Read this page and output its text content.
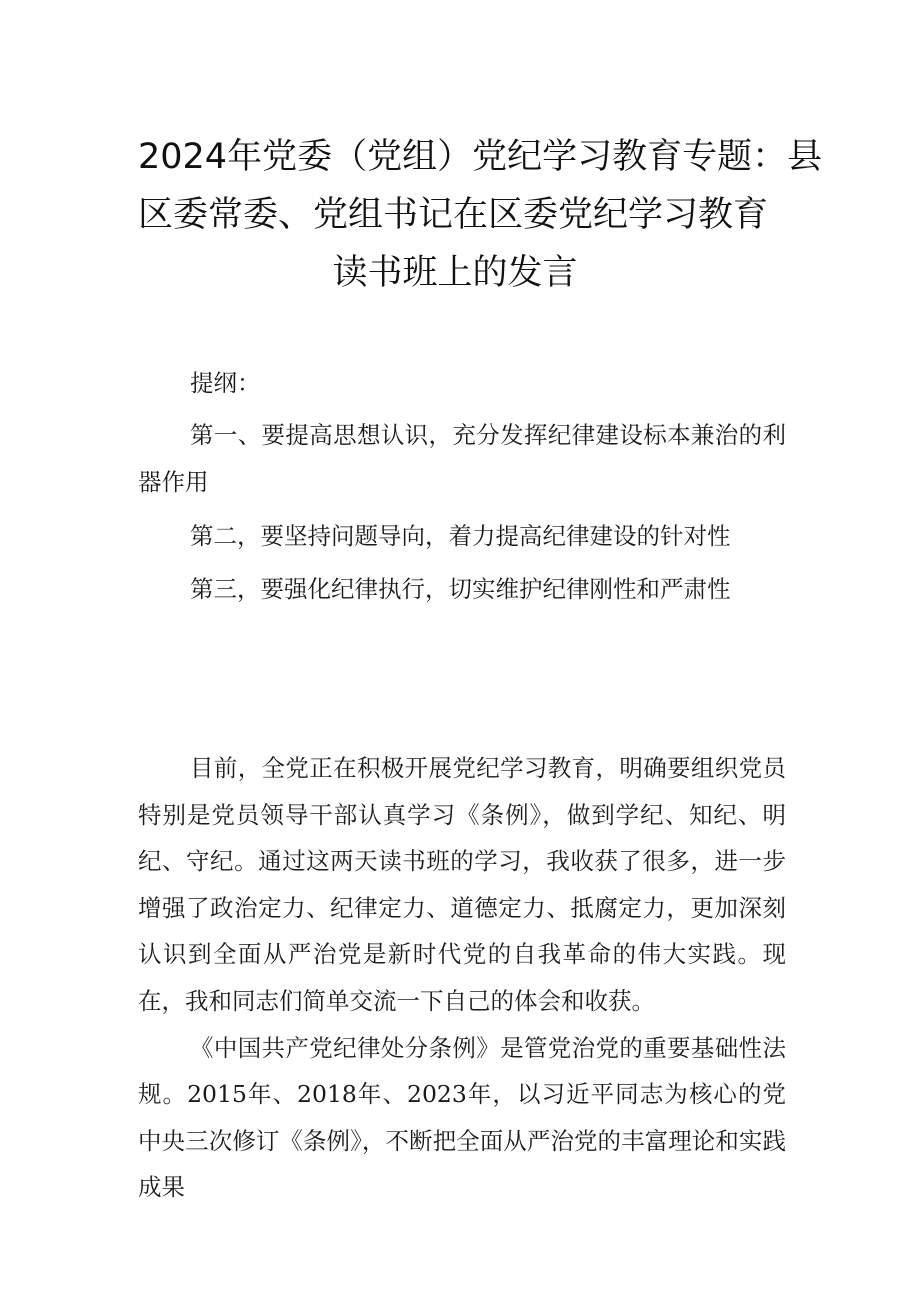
2024年党委（党组）党纪学习教育专题：县
区委常委、党组书记在区委党纪学习教育
读书班上的发言

提纲：

第一、要提高思想认识，充分发挥纪律建设标本兼治的利器作用

第二，要坚持问题导向，着力提高纪律建设的针对性

第三，要强化纪律执行，切实维护纪律刚性和严肃性

目前，全党正在积极开展党纪学习教育，明确要组织党员特别是党员领导干部认真学习《条例》，做到学纪、知纪、明纪、守纪。通过这两天读书班的学习，我收获了很多，进一步增强了政治定力、纪律定力、道德定力、抵腐定力，更加深刻认识到全面从严治党是新时代党的自我革命的伟大实践。现在，我和同志们简单交流一下自己的体会和收获。

《中国共产党纪律处分条例》是管党治党的重要基础性法规。2015年、2018年、2023年，以习近平同志为核心的党中央三次修订《条例》，不断把全面从严治党的丰富理论和实践成果
